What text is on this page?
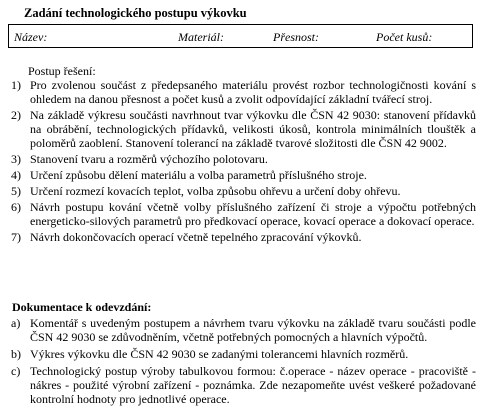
Zadání technologického postupu výkovku
Název:	Materiál:	Přesnost:	Počet kusů:
Postup řešení:
1) Pro zvolenou součást z předepsaného materiálu provést rozbor technologičnosti kování s ohledem na danou přesnost a počet kusů a zvolit odpovídající základní tvářecí stroj.
2) Na základě výkresu součásti navrhnout tvar výkovku dle ČSN 42 9030: stanovení přídavků na obrábění, technologických přídavků, velikosti úkosů, kontrola minimálních tlouštěk a poloměrů zaoblení. Stanovení tolerancí na základě tvarové složitosti dle ČSN 42 9002.
3) Stanovení tvaru a rozměrů výchozího polotovaru.
4) Určení způsobu dělení materiálu a volba parametrů příslušného stroje.
5) Určení rozmezí kovacích teplot, volba způsobu ohřevu a určení doby ohřevu.
6) Návrh postupu kování včetně volby příslušného zařízení či stroje a výpočtu potřebných energeticko-silových parametrů pro předkovací operace, kovací operace a dokovací operace.
7) Návrh dokončovacích operací včetně tepelného zpracování výkovků.
Dokumentace k odevzdání:
a) Komentář s uvedeným postupem a návrhem tvaru výkovku na základě tvaru součásti podle ČSN 42 9030 se zdůvodněním, včetně potřebných pomocných a hlavních výpočtů.
b) Výkres výkovku dle ČSN 42 9030 se zadanými tolerancemi hlavních rozměrů.
c) Technologický postup výroby tabulkovou formou: č.operace - název operace - pracoviště - nákres - použité výrobní zařízení - poznámka. Zde nezapomeňte uvést veškeré požadované kontrolní hodnoty pro jednotlivé operace.
